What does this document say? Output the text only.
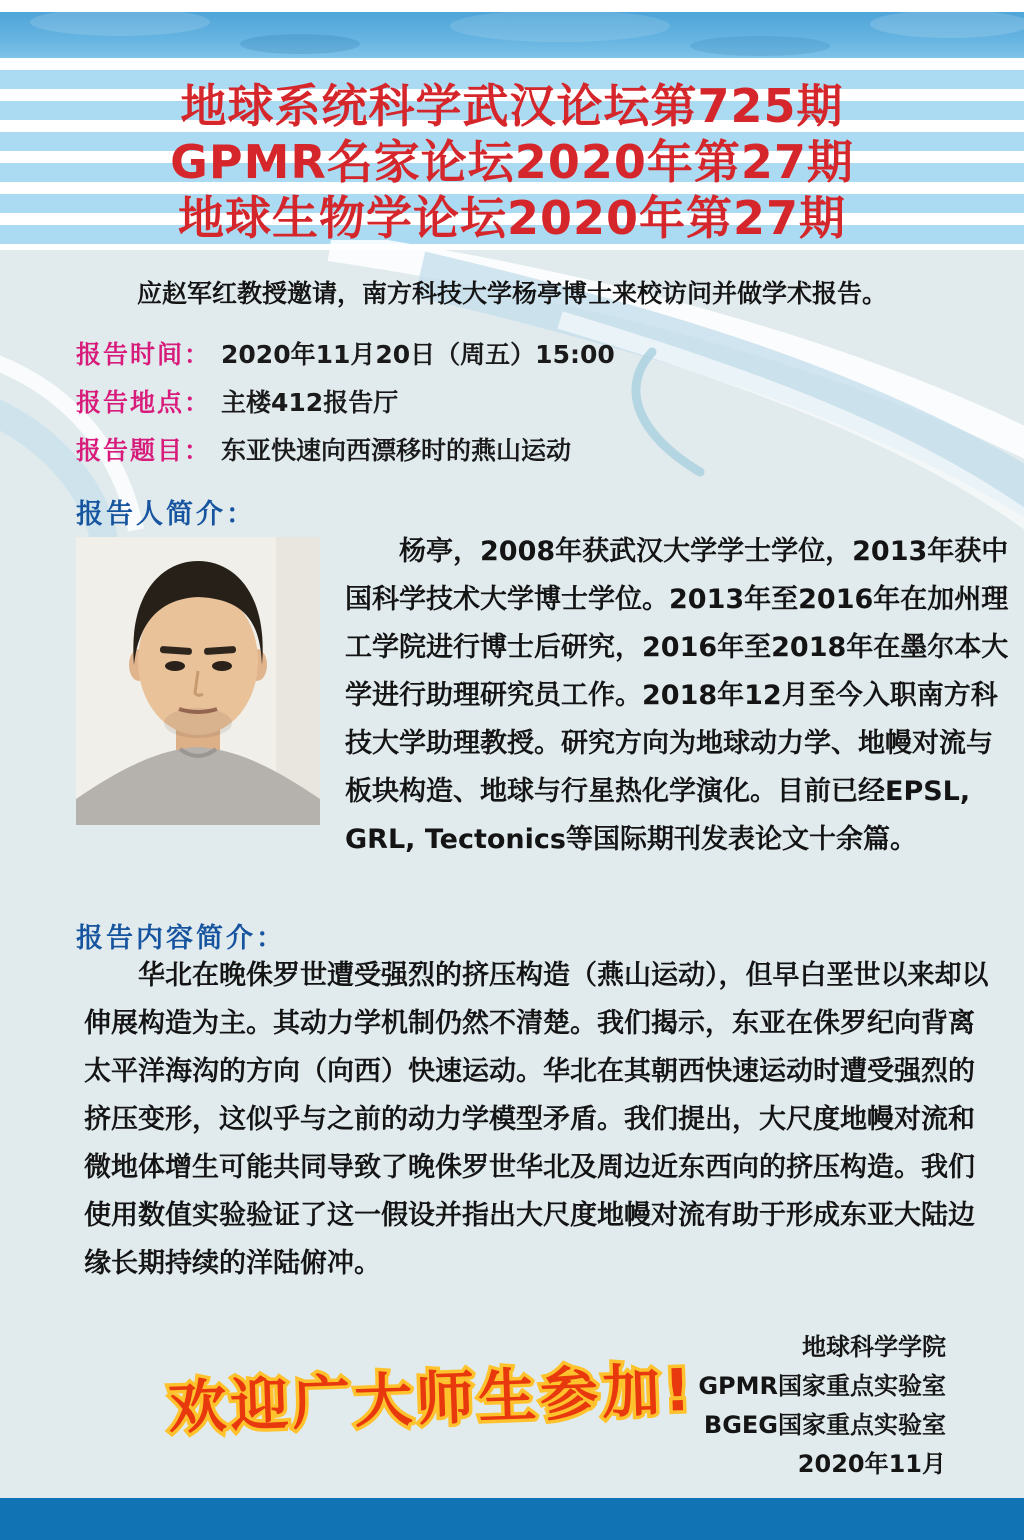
地球系统科学武汉论坛第725期
GPMR名家论坛2020年第27期
地球生物学论坛2020年第27期
应赵军红教授邀请，南方科技大学杨亭博士来校访问并做学术报告。
报告时间： 2020年11月20日（周五）15:00
报告地点： 主楼412报告厅
报告题目： 东亚快速向西漂移时的燕山运动
报告人简介：
杨亭，2008年获武汉大学学士学位，2013年获中
国科学技术大学博士学位。2013年至2016年在加州理
工学院进行博士后研究，2016年至2018年在墨尔本大
学进行助理研究员工作。2018年12月至今入职南方科
技大学助理教授。研究方向为地球动力学、地幔对流与
板块构造、地球与行星热化学演化。目前已经EPSL,
GRL, Tectonics等国际期刊发表论文十余篇。
报告内容简介：
华北在晚侏罗世遭受强烈的挤压构造（燕山运动），但早白垩世以来却以
伸展构造为主。其动力学机制仍然不清楚。我们揭示，东亚在侏罗纪向背离
太平洋海沟的方向（向西）快速运动。华北在其朝西快速运动时遭受强烈的
挤压变形，这似乎与之前的动力学模型矛盾。我们提出，大尺度地幔对流和
微地体增生可能共同导致了晚侏罗世华北及周边近东西向的挤压构造。我们
使用数值实验验证了这一假设并指出大尺度地幔对流有助于形成东亚大陆边
缘长期持续的洋陆俯冲。
欢迎广大师生参加!
地球科学学院
GPMR国家重点实验室
BGEG国家重点实验室
2020年11月
